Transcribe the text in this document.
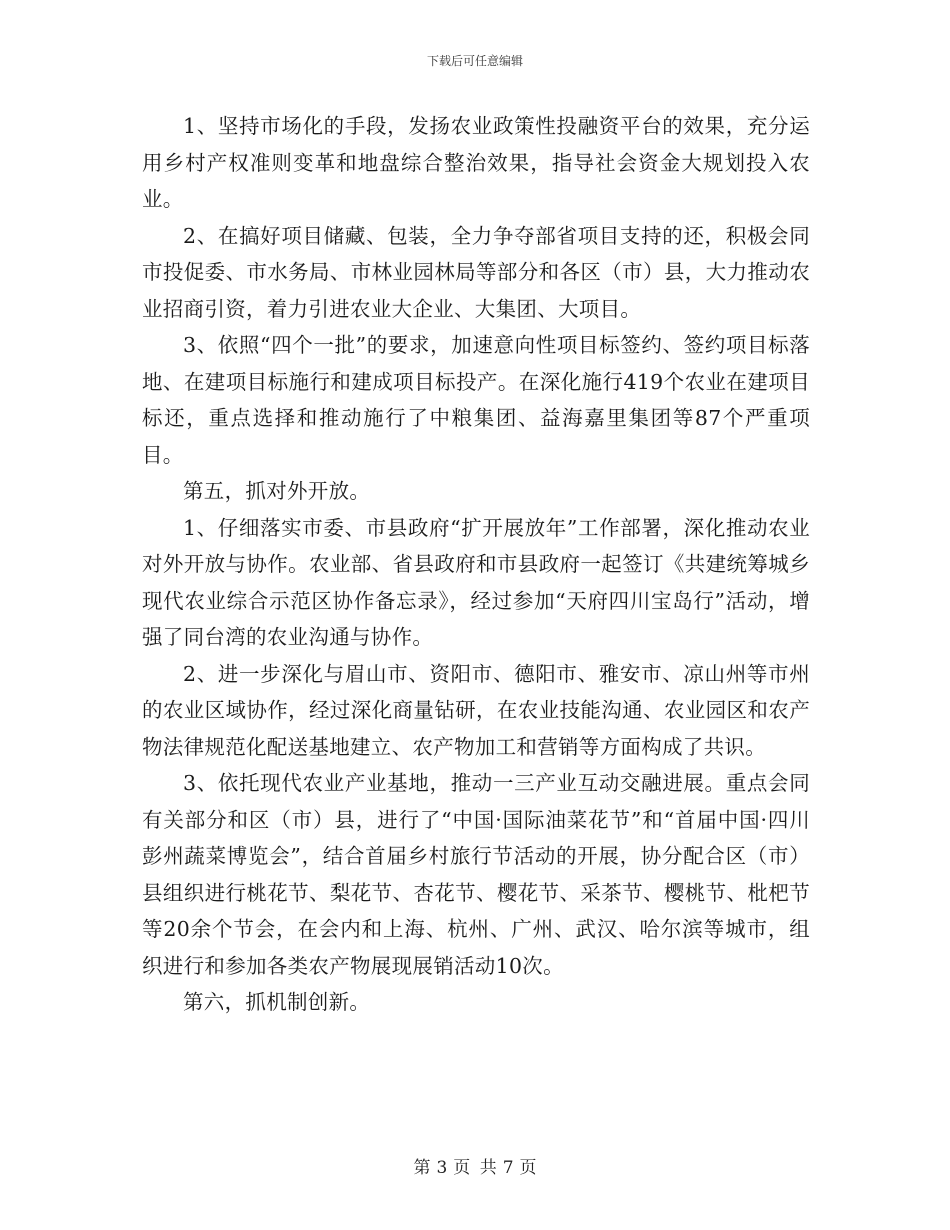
下载后可任意编辑

1、坚持市场化的手段，发扬农业政策性投融资平台的效果，充分运用乡村产权准则变革和地盘综合整治效果，指导社会资金大规划投入农业。

2、在搞好项目储藏、包装，全力争夺部省项目支持的还，积极会同市投促委、市水务局、市林业园林局等部分和各区（市）县，大力推动农业招商引资，着力引进农业大企业、大集团、大项目。

3、依照“四个一批”的要求，加速意向性项目标签约、签约项目标落地、在建项目标施行和建成项目标投产。在深化施行419个农业在建项目标还，重点选择和推动施行了中粮集团、益海嘉里集团等87个严重项目。

第五，抓对外开放。

1、仔细落实市委、市县政府“扩开展放年”工作部署，深化推动农业对外开放与协作。农业部、省县政府和市县政府一起签订《共建统筹城乡现代农业综合示范区协作备忘录》，经过参加“天府四川宝岛行”活动，增强了同台湾的农业沟通与协作。

2、进一步深化与眉山市、资阳市、德阳市、雅安市、凉山州等市州的农业区域协作，经过深化商量钻研，在农业技能沟通、农业园区和农产物法律规范化配送基地建立、农产物加工和营销等方面构成了共识。

3、依托现代农业产业基地，推动一三产业互动交融进展。重点会同有关部分和区（市）县，进行了“中国·国际油菜花节”和“首届中国·四川彭州蔬菜博览会”，结合首届乡村旅行节活动的开展，协分配合区（市）县组织进行桃花节、梨花节、杏花节、樱花节、采茶节、樱桃节、枇杷节等20余个节会，在会内和上海、杭州、广州、武汉、哈尔滨等城市，组织进行和参加各类农产物展现展销活动10次。

第六，抓机制创新。

第 3 页 共 7 页
